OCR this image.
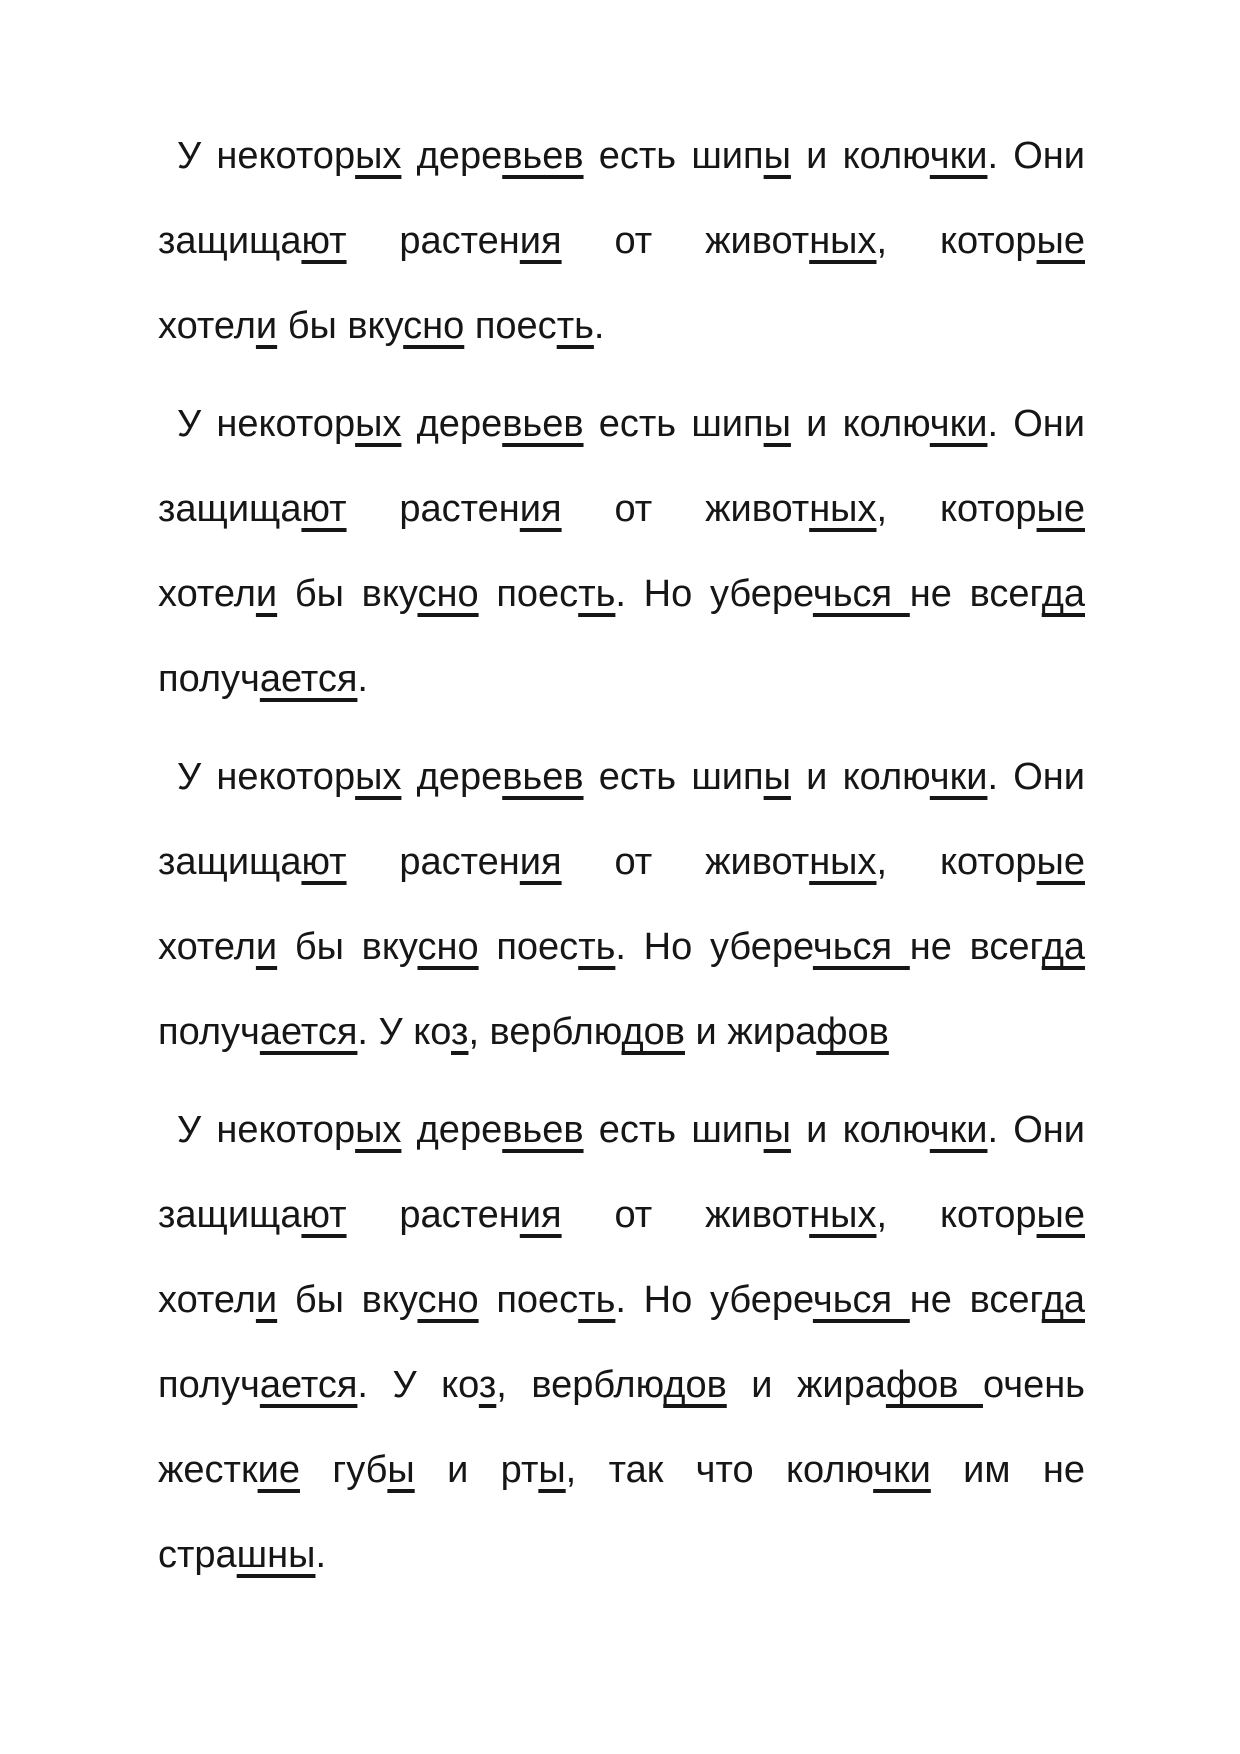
У некоторых деревьев есть шипы и колючки. Они
защищают растения от животных, которые
хотели бы вкусно поесть.
У некоторых деревьев есть шипы и колючки. Они
защищают растения от животных, которые
хотели бы вкусно поесть. Но уберечься не всегда
получается.
У некоторых деревьев есть шипы и колючки. Они
защищают растения от животных, которые
хотели бы вкусно поесть. Но уберечься не всегда
получается. У коз, верблюдов и жирафов
У некоторых деревьев есть шипы и колючки. Они
защищают растения от животных, которые
хотели бы вкусно поесть. Но уберечься не всегда
получается. У коз, верблюдов и жирафов очень
жесткие губы и рты, так что колючки им не
страшны.
